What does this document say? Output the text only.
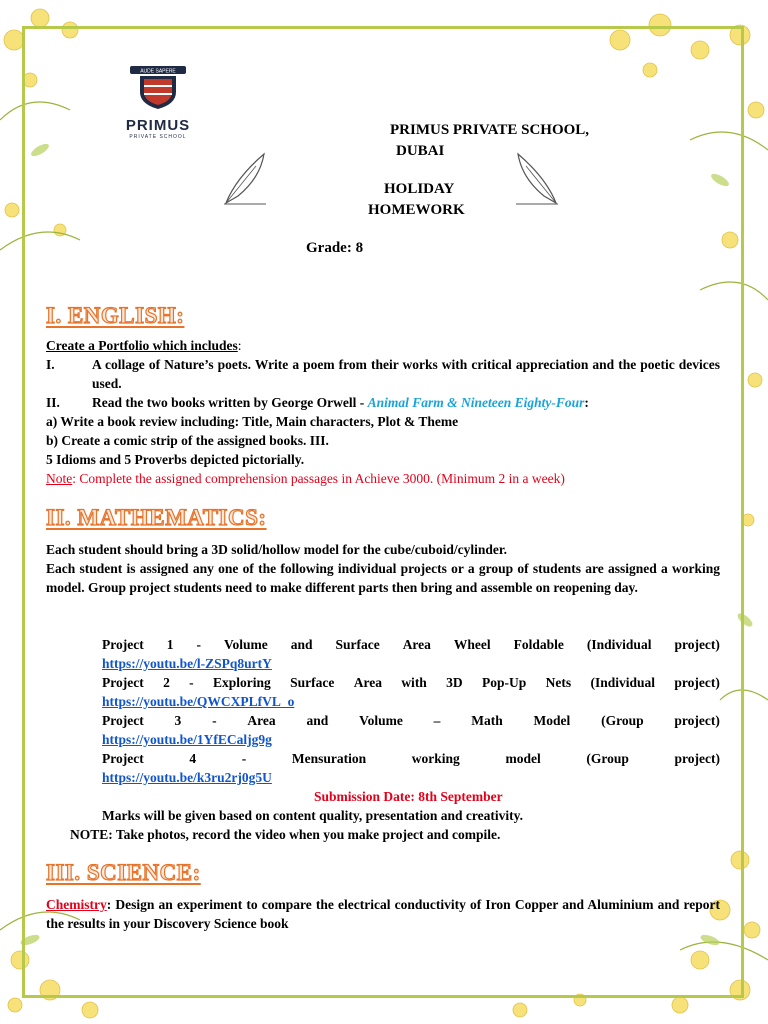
AUDE SAPERE
PRIMUS
PRIVATE SCHOOL	PRIMUS PRIVATE SCHOOL,
DUBAI
HOLIDAY
HOMEWORK
Grade: 8
I. ENGLISH:
Create a Portfolio which includes:
I.	A collage of Nature’s poets. Write a poem from their works with critical appreciation and the poetic devices used.
II.	Read the two books written by George Orwell - Animal Farm & Nineteen Eighty-Four:
a) Write a book review including: Title, Main characters, Plot & Theme
b) Create a comic strip of the assigned books. III.
5 Idioms and 5 Proverbs depicted pictorially.
Note: Complete the assigned comprehension passages in Achieve 3000. (Minimum 2 in a week)
II. MATHEMATICS:
Each student should bring a 3D solid/hollow model for the cube/cuboid/cylinder.
Each student is assigned any one of the following individual projects or a group of students are assigned a working model. Group project students need to make different parts then bring and assemble on reopening day.
Project 1 - Volume and Surface Area Wheel Foldable (Individual project)
https://youtu.be/l-ZSPq8urtY
Project 2 - Exploring Surface Area with 3D Pop-Up Nets (Individual project)
https://youtu.be/QWCXPLfVL_o
Project 3 - Area and Volume – Math Model (Group project)
https://youtu.be/1YfECaljg9g
Project	4	-	Mensuration	working	model	(Group	project)
https://youtu.be/k3ru2rj0g5U
Submission Date: 8th September
Marks will be given based on content quality, presentation and creativity.
NOTE: Take photos, record the video when you make project and compile.
III. SCIENCE:
Chemistry: Design an experiment to compare the electrical conductivity of Iron Copper and Aluminium and report the results in your Discovery Science book
